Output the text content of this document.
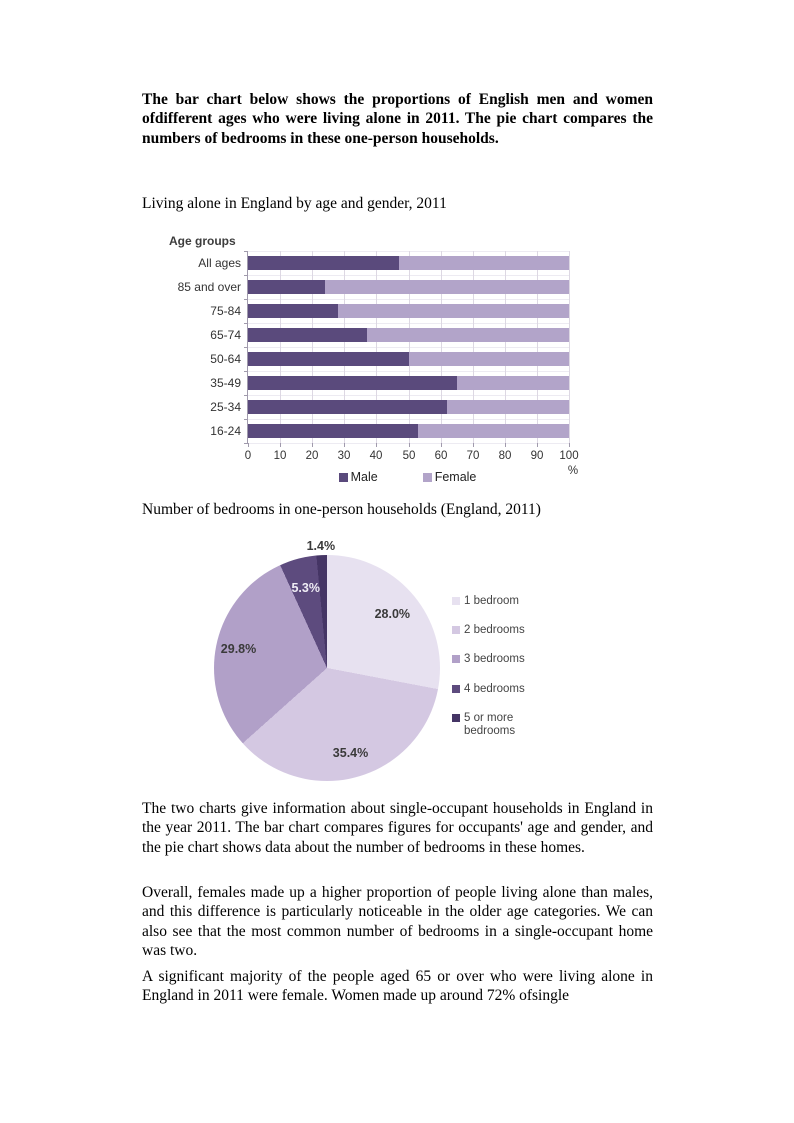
The bar chart below shows the proportions of English men and women ofdifferent ages who were living alone in 2011. The pie chart compares the numbers of bedrooms in these one-person households.
Living alone in England by age and gender, 2011
Age groups
0	10	20	30	40	50	60	70	80	90	100
%
Male	Female
All ages
85 and over
75-84
65-74
50-64
35-49
25-34
16-24
Number of bedrooms in one-person households (England, 2011)
1 bedroom
2 bedrooms
3 bedrooms
4 bedrooms
5 or more bedrooms
28.0%
35.4%
29.8%
5.3%
1.4%
The two charts give information about single-occupant households in England in the year 2011. The bar chart compares figures for occupants' age and gender, and the pie chart shows data about the number of bedrooms in these homes.
Overall, females made up a higher proportion of people living alone than males, and this difference is particularly noticeable in the older age categories. We can also see that the most common number of bedrooms in a single-occupant home was two.
A significant majority of the people aged 65 or over who were living alone in England in 2011 were female. Women made up around 72% ofsingle
